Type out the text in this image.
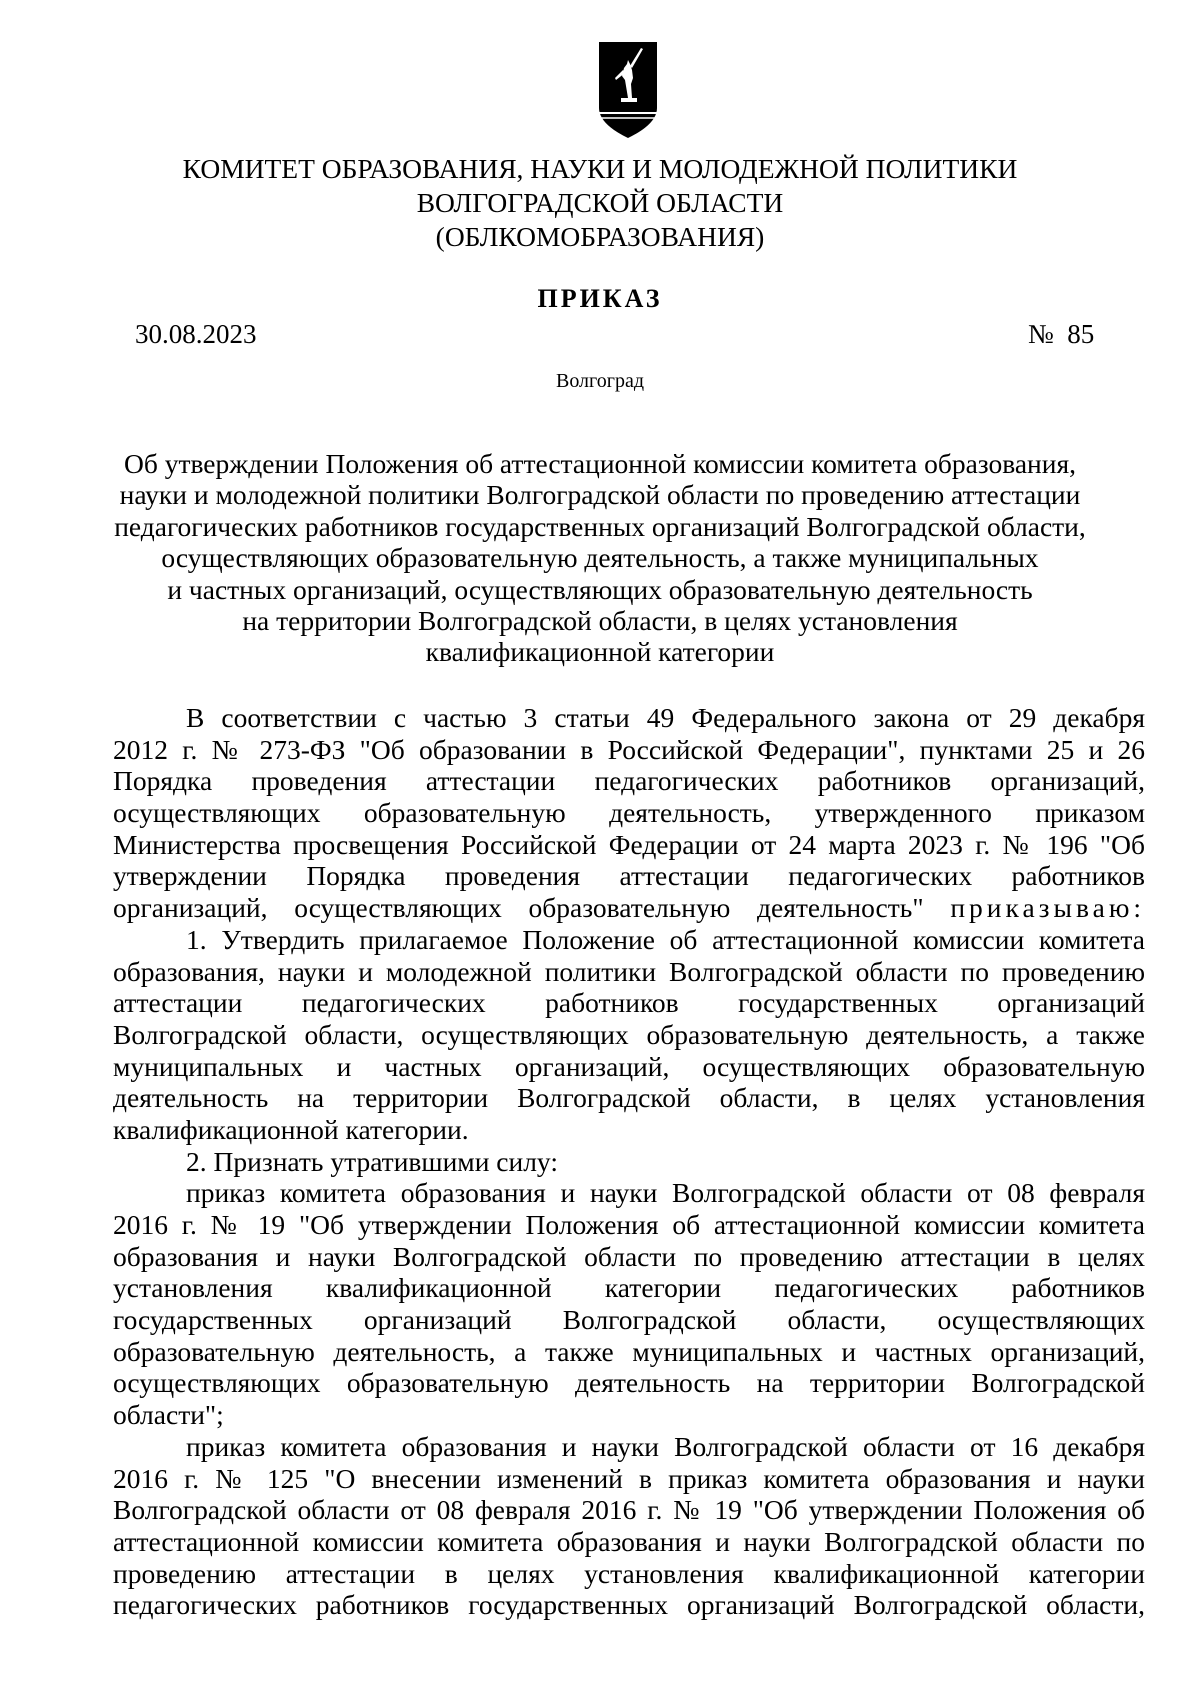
КОМИТЕТ ОБРАЗОВАНИЯ, НАУКИ И МОЛОДЕЖНОЙ ПОЛИТИКИ
ВОЛГОГРАДСКОЙ ОБЛАСТИ
(ОБЛКОМОБРАЗОВАНИЯ)
ПРИКАЗ
30.08.2023	№  85
Волгоград
Об утверждении Положения об аттестационной комиссии комитета образования,
науки и молодежной политики Волгоградской области по проведению аттестации
педагогических работников государственных организаций Волгоградской области,
осуществляющих образовательную деятельность, а также муниципальных
и частных организаций, осуществляющих образовательную деятельность
на территории Волгоградской области, в целях установления
квалификационной категории
В соответствии с частью 3 статьи 49 Федерального закона от 29 декабря
2012 г. № 273-ФЗ "Об образовании в Российской Федерации", пунктами 25 и 26
Порядка проведения аттестации педагогических работников организаций,
осуществляющих образовательную деятельность, утвержденного приказом
Министерства просвещения Российской Федерации от 24 марта 2023 г. № 196 "Об
утверждении Порядка проведения аттестации педагогических работников
организаций, осуществляющих образовательную деятельность" приказываю:
1. Утвердить прилагаемое Положение об аттестационной комиссии комитета
образования, науки и молодежной политики Волгоградской области по проведению
аттестации педагогических работников государственных организаций
Волгоградской области, осуществляющих образовательную деятельность, а также
муниципальных и частных организаций, осуществляющих образовательную
деятельность на территории Волгоградской области, в целях установления
квалификационной категории.
2. Признать утратившими силу:
приказ комитета образования и науки Волгоградской области от 08 февраля
2016 г. № 19 "Об утверждении Положения об аттестационной комиссии комитета
образования и науки Волгоградской области по проведению аттестации в целях
установления квалификационной категории педагогических работников
государственных организаций Волгоградской области, осуществляющих
образовательную деятельность, а также муниципальных и частных организаций,
осуществляющих образовательную деятельность на территории Волгоградской
области";
приказ комитета образования и науки Волгоградской области от 16 декабря
2016 г. № 125 "О внесении изменений в приказ комитета образования и науки
Волгоградской области от 08 февраля 2016 г. № 19 "Об утверждении Положения об
аттестационной комиссии комитета образования и науки Волгоградской области по
проведению аттестации в целях установления квалификационной категории
педагогических работников государственных организаций Волгоградской области,
